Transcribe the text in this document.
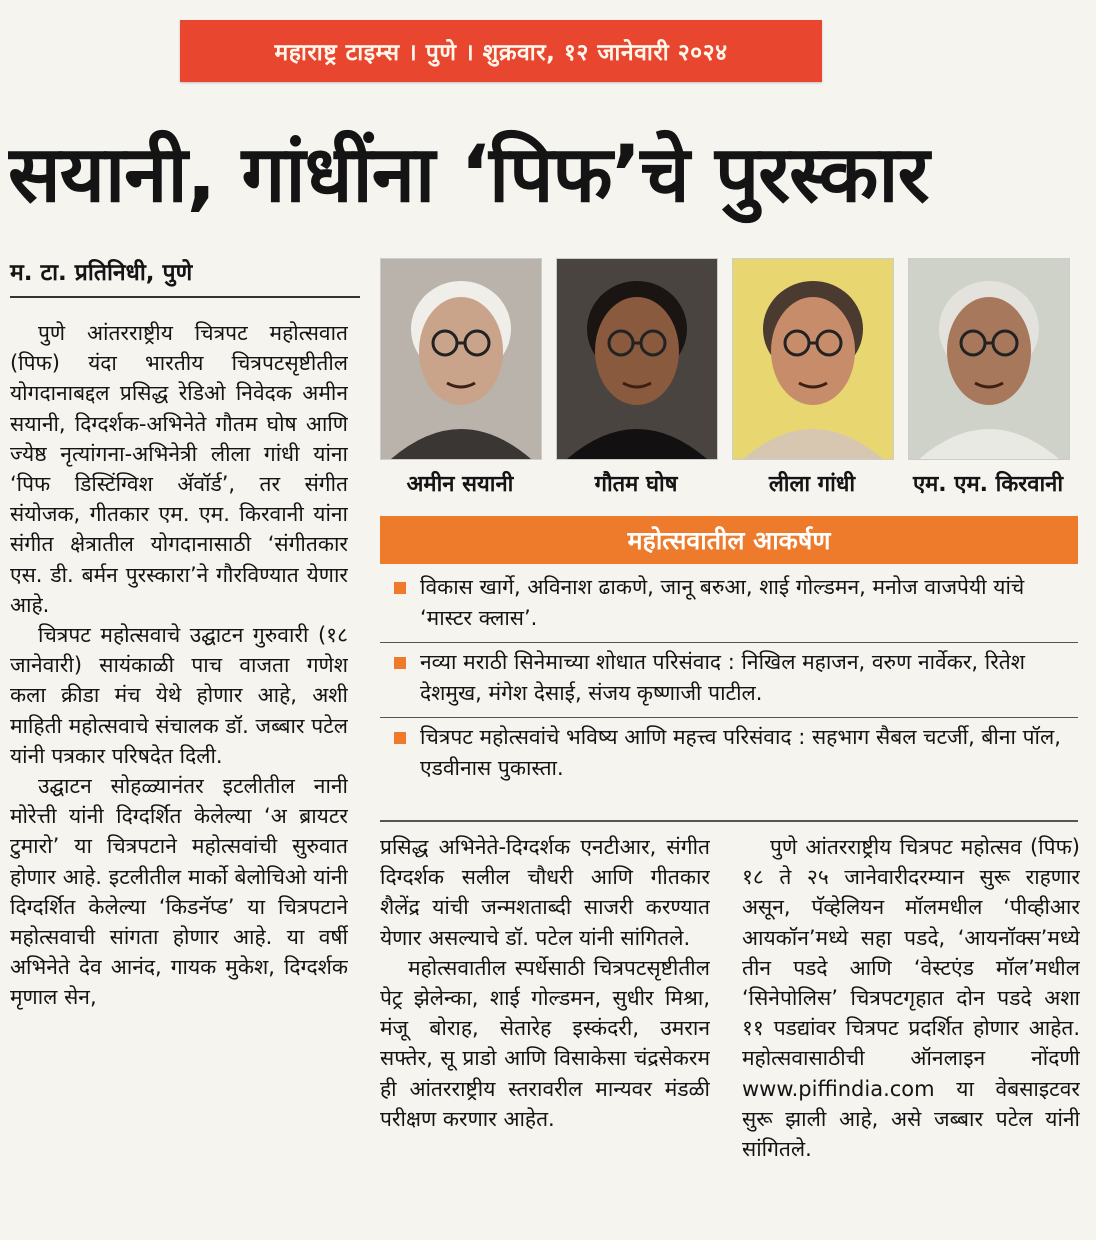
महाराष्ट्र टाइम्स । पुणे । शुक्रवार, १२ जानेवारी २०२४
सयानी, गांधींना ‘पिफ’चे पुरस्कार
म. टा. प्रतिनिधी, पुणे

पुणे आंतरराष्ट्रीय चित्रपट महोत्सवात (पिफ) यंदा भारतीय चित्रपटसृष्टीतील योगदानाबद्दल प्रसिद्ध रेडिओ निवेदक अमीन सयानी, दिग्दर्शक-अभिनेते गौतम घोष आणि ज्येष्ठ नृत्यांगना-अभिनेत्री लीला गांधी यांना ‘पिफ डिस्टिंग्विश ॲवॉर्ड’, तर संगीत संयोजक, गीतकार एम. एम. किरवानी यांना संगीत क्षेत्रातील योगदानासाठी ‘संगीतकार एस. डी. बर्मन पुरस्कारा’ने गौरविण्यात येणार आहे.

चित्रपट महोत्सवाचे उद्घाटन गुरुवारी (१८ जानेवारी) सायंकाळी पाच वाजता गणेश कला क्रीडा मंच येथे होणार आहे, अशी माहिती महोत्सवाचे संचालक डॉ. जब्बार पटेल यांनी पत्रकार परिषदेत दिली.

उद्घाटन सोहळ्यानंतर इटलीतील नानी मोरेत्ती यांनी दिग्दर्शित केलेल्या ‘अ ब्रायटर टुमारो’ या चित्रपटाने महोत्सवांची सुरुवात होणार आहे. इटलीतील मार्को बेलोचिओ यांनी दिग्दर्शित केलेल्या ‘किडनॅप्ड’ या चित्रपटाने महोत्सवाची सांगता होणार आहे. या वर्षी अभिनेते देव आनंद, गायक मुकेश, दिग्दर्शक मृणाल सेन,

अमीन सयानी	गौतम घोष	लीला गांधी	एम. एम. किरवानी
महोत्सवातील आकर्षण
विकास खार्गे, अविनाश ढाकणे, जानू बरुआ, शाई गोल्डमन, मनोज वाजपेयी यांचे ‘मास्टर क्लास’.
नव्या मराठी सिनेमाच्या शोधात परिसंवाद : निखिल महाजन, वरुण नार्वेकर, रितेश देशमुख, मंगेश देसाई, संजय कृष्णाजी पाटील.
चित्रपट महोत्सवांचे भविष्य आणि महत्त्व परिसंवाद : सहभाग सैबल चटर्जी, बीना पॉल, एडवीनास पुकास्ता.

प्रसिद्ध अभिनेते-दिग्दर्शक एनटीआर, संगीत दिग्दर्शक सलील चौधरी आणि गीतकार शैलेंद्र यांची जन्मशताब्दी साजरी करण्यात येणार असल्याचे डॉ. पटेल यांनी सांगितले.

महोत्सवातील स्पर्धेसाठी चित्रपटसृष्टीतील पेट्र झेलेन्का, शाई गोल्डमन, सुधीर मिश्रा, मंजू बोराह, सेतारेह इस्कंदरी, उमरान सफ्तेर, सू प्राडो आणि विसाकेसा चंद्रसेकरम ही आंतरराष्ट्रीय स्तरावरील मान्यवर मंडळी परीक्षण करणार आहेत.

पुणे आंतरराष्ट्रीय चित्रपट महोत्सव (पिफ) १८ ते २५ जानेवारीदरम्यान सुरू राहणार असून, पॅव्हेलियन मॉलमधील ‘पीव्हीआर आयकॉन’मध्ये सहा पडदे, ‘आयनॉक्स’मध्ये तीन पडदे आणि ‘वेस्टएंड मॉल’मधील ‘सिनेपोलिस’ चित्रपटगृहात दोन पडदे अशा ११ पडद्यांवर चित्रपट प्रदर्शित होणार आहेत. महोत्सवासाठीची ऑनलाइन नोंदणी www.piffindia.com या वेबसाइटवर सुरू झाली आहे, असे जब्बार पटेल यांनी सांगितले.
